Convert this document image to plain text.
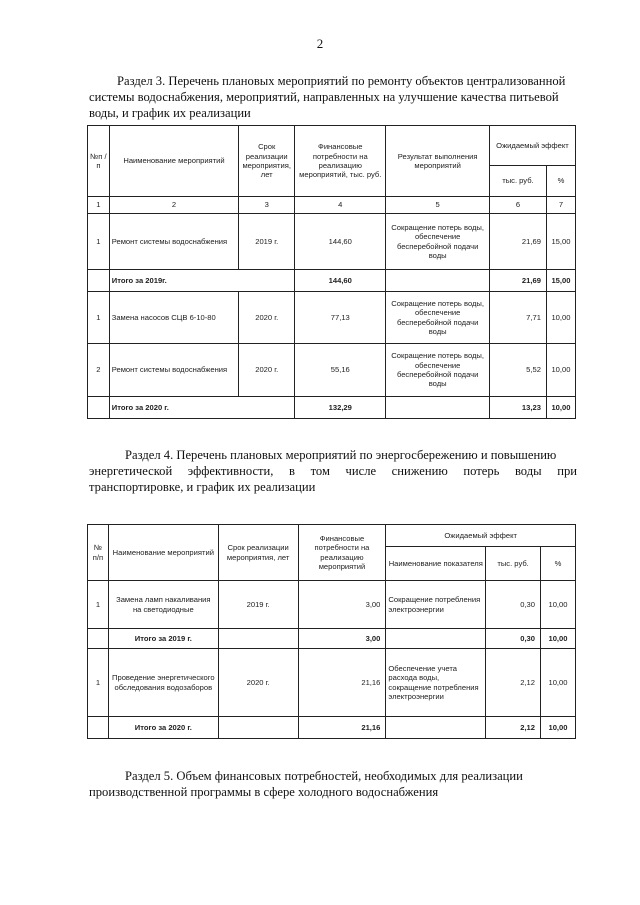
2
Раздел 3. Перечень плановых мероприятий по ремонту объектов централизованной
системы водоснабжения, мероприятий, направленных на улучшение качества питьевой
воды, и график их реализации
№п /п	Наименование мероприятий	Срок реализации мероприятия, лет	Финансовые потребности на реализацию мероприятий, тыс. руб.	Результат выполнения мероприятий	Ожидаемый эффект	
					тыс. руб.	%
1	2	3	4	5	6	7
1	Ремонт системы водоснабжения	2019 г.	144,60	Сокращение потерь воды, обеспечение бесперебойной подачи воды	21,69	15,00
	Итого за 2019г.		144,60		21,69	15,00
1	Замена насосов СЦВ 6-10-80	2020 г.	77,13	Сокращение потерь воды, обеспечение бесперебойной подачи воды	7,71	10,00
2	Ремонт системы водоснабжения	2020 г.	55,16	Сокращение потерь воды, обеспечение бесперебойной подачи воды	5,52	10,00
	Итого за 2020 г.		132,29		13,23	10,00
Раздел 4. Перечень плановых мероприятий по энергосбережению и повышению
энергетической эффективности, в том числе снижению потерь воды при
транспортировке, и график их реализации
№ п/п	Наименование мероприятий	Срок реализации мероприятия, лет	Финансовые потребности на реализацию мероприятий	Ожидаемый эффект		
				Наименование показателя	тыс. руб.	%
1	Замена ламп накаливания на светодиодные	2019 г.	3,00	Сокращение потребления электроэнергии	0,30	10,00
	Итого за 2019 г.		3,00		0,30	10,00
1	Проведение энергетического обследования водозаборов	2020 г.	21,16	Обеспечение учета расхода воды, сокращение потребления электроэнергии	2,12	10,00
	Итого за 2020 г.		21,16		2,12	10,00
Раздел 5. Объем финансовых потребностей, необходимых для реализации
производственной программы в сфере холодного водоснабжения
